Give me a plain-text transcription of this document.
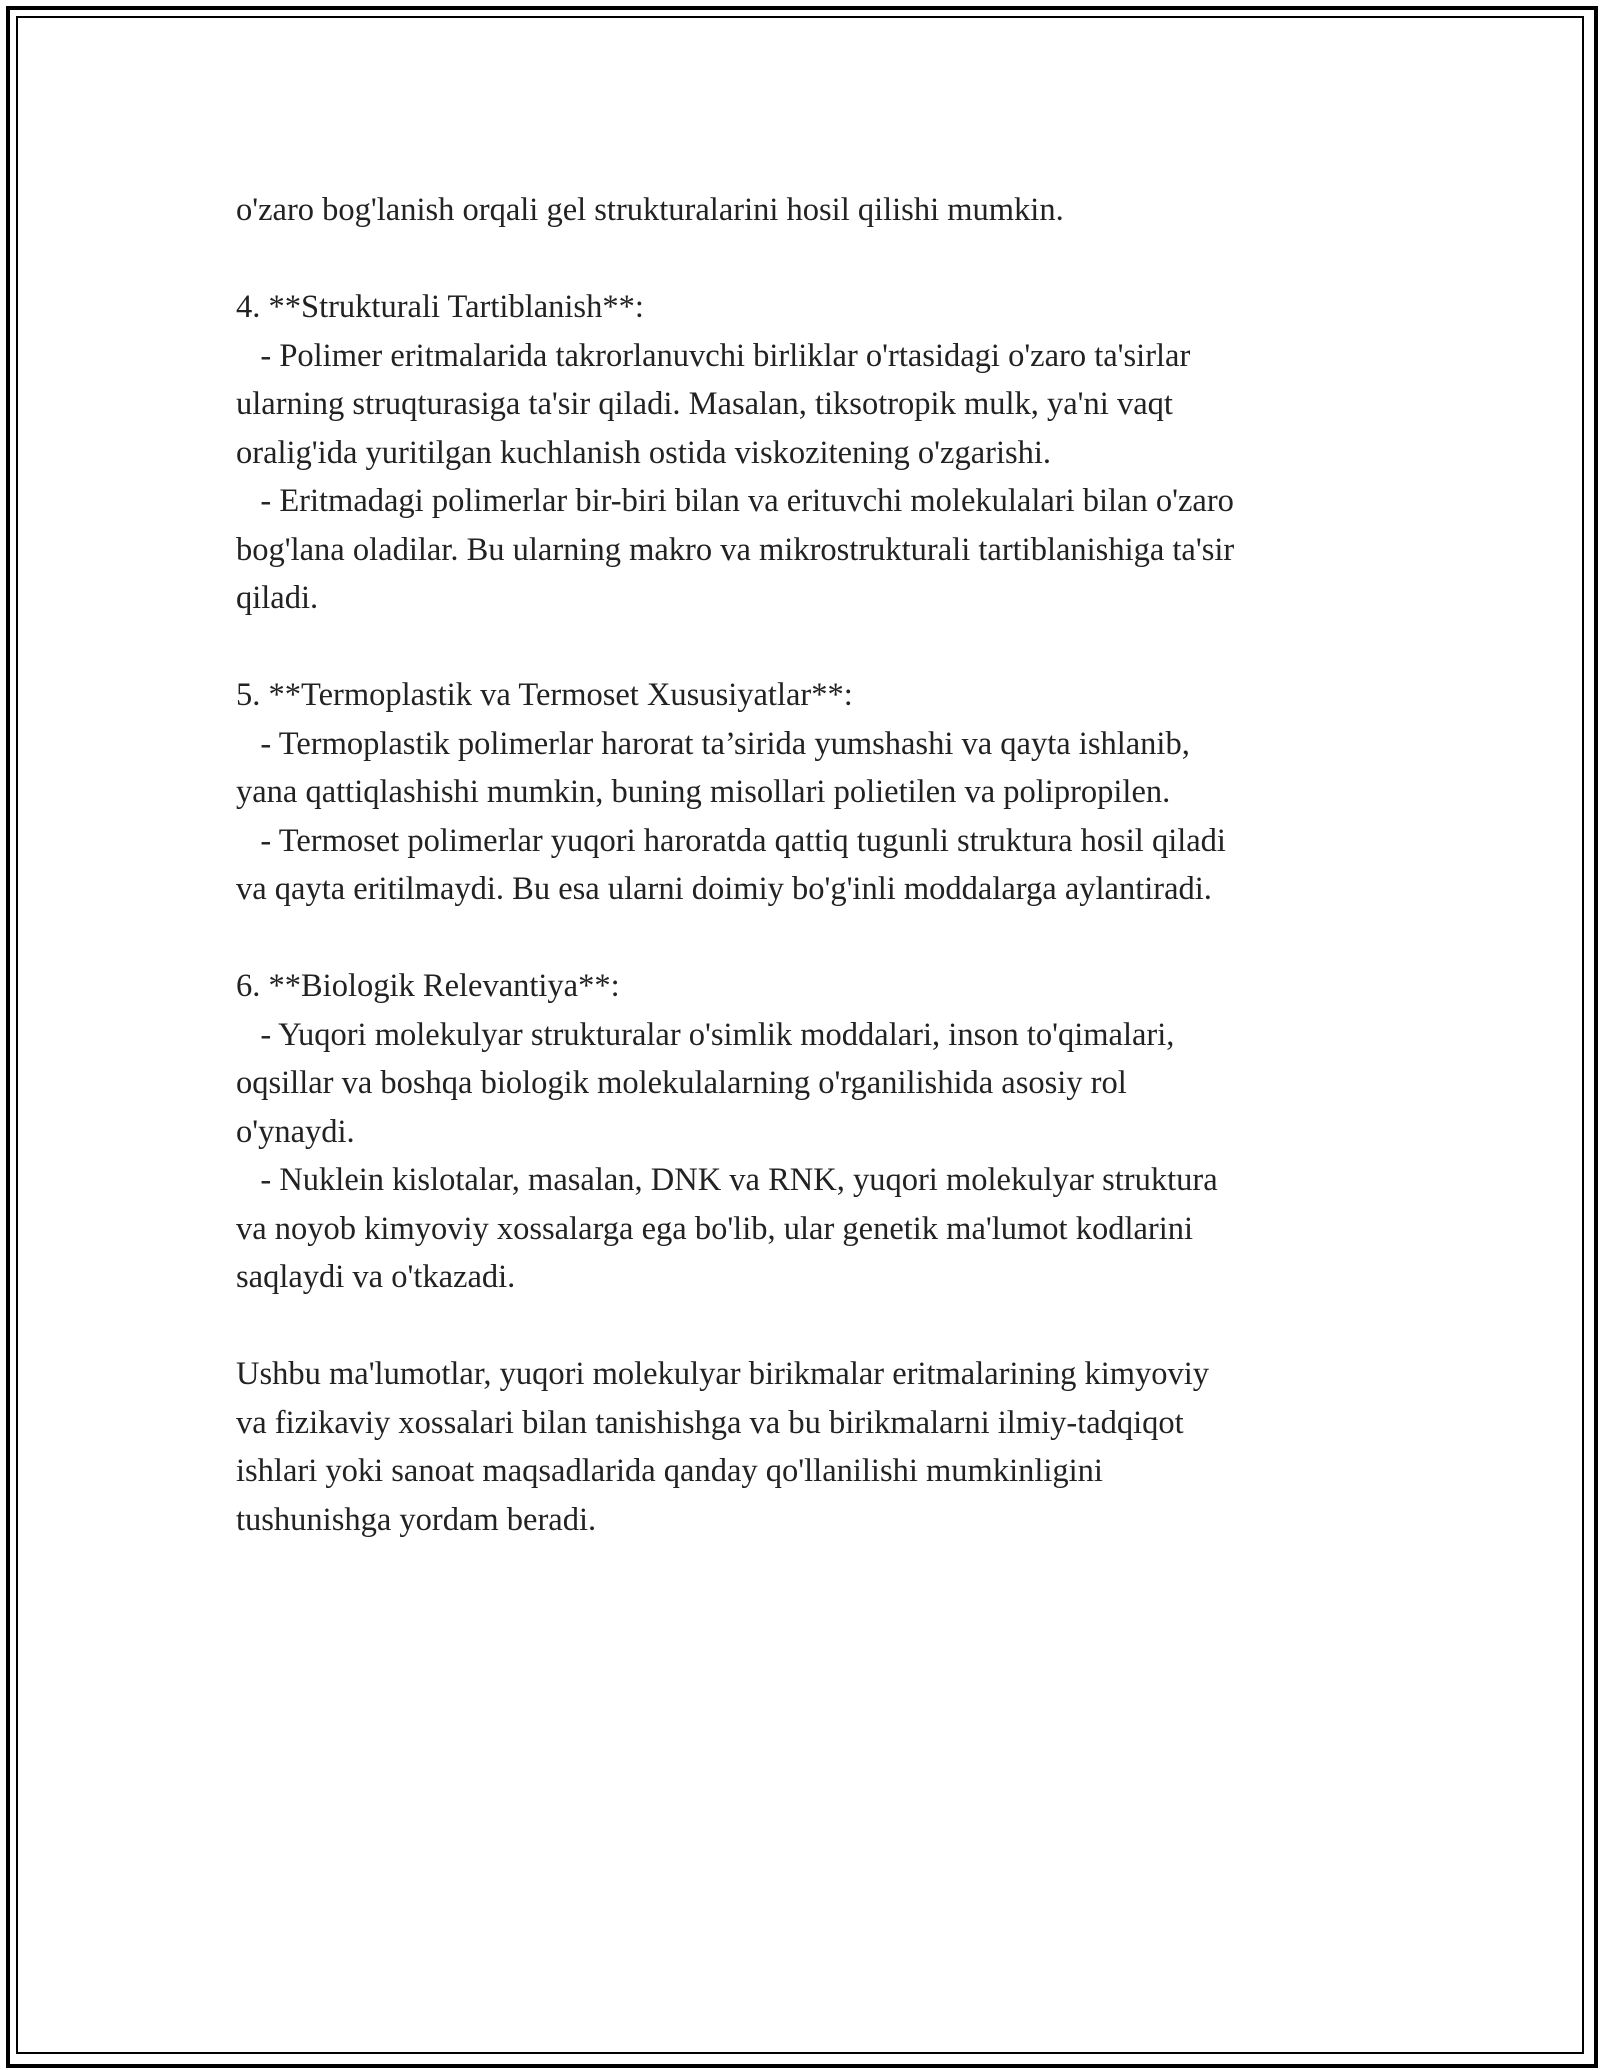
o'zaro bog'lanish orqali gel strukturalarini hosil qilishi mumkin.
4. **Strukturali Tartiblanish**:
- Polimer eritmalarida takrorlanuvchi birliklar o'rtasidagi o'zaro ta'sirlar
ularning struqturasiga ta'sir qiladi. Masalan, tiksotropik mulk, ya'ni vaqt
oralig'ida yuritilgan kuchlanish ostida viskozitening o'zgarishi.
- Eritmadagi polimerlar bir-biri bilan va erituvchi molekulalari bilan o'zaro
bog'lana oladilar. Bu ularning makro va mikrostrukturali tartiblanishiga ta'sir
qiladi.
5. **Termoplastik va Termoset Xususiyatlar**:
- Termoplastik polimerlar harorat ta’sirida yumshashi va qayta ishlanib,
yana qattiqlashishi mumkin, buning misollari polietilen va polipropilen.
- Termoset polimerlar yuqori haroratda qattiq tugunli struktura hosil qiladi
va qayta eritilmaydi. Bu esa ularni doimiy bo'g'inli moddalarga aylantiradi.
6. **Biologik Relevantiya**:
- Yuqori molekulyar strukturalar o'simlik moddalari, inson to'qimalari,
oqsillar va boshqa biologik molekulalarning o'rganilishida asosiy rol
o'ynaydi.
- Nuklein kislotalar, masalan, DNK va RNK, yuqori molekulyar struktura
va noyob kimyoviy xossalarga ega bo'lib, ular genetik ma'lumot kodlarini
saqlaydi va o'tkazadi.
Ushbu ma'lumotlar, yuqori molekulyar birikmalar eritmalarining kimyoviy
va fizikaviy xossalari bilan tanishishga va bu birikmalarni ilmiy-tadqiqot
ishlari yoki sanoat maqsadlarida qanday qo'llanilishi mumkinligini
tushunishga yordam beradi.
